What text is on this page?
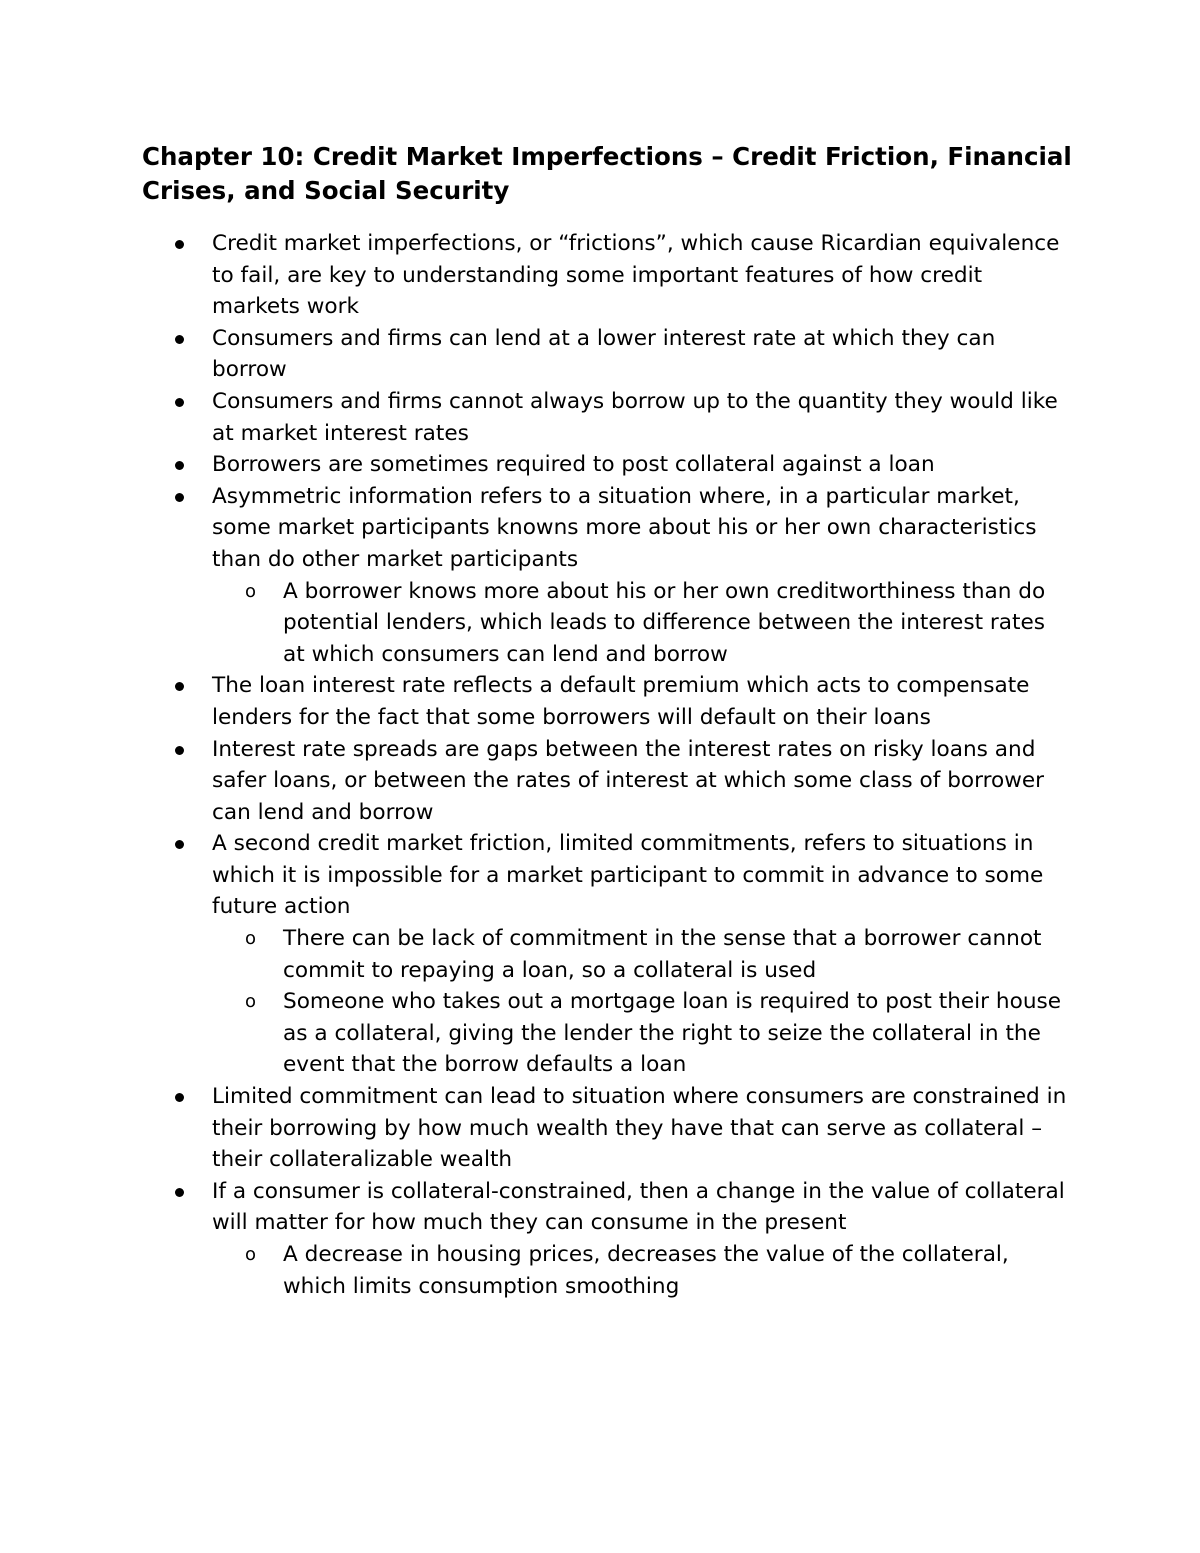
Chapter 10: Credit Market Imperfections – Credit Friction, Financial Crises, and Social Security
Credit market imperfections, or “frictions”, which cause Ricardian equivalence to fail, are key to understanding some important features of how credit markets work
Consumers and firms can lend at a lower interest rate at which they can borrow
Consumers and firms cannot always borrow up to the quantity they would like at market interest rates
Borrowers are sometimes required to post collateral against a loan
Asymmetric information refers to a situation where, in a particular market, some market participants knowns more about his or her own characteristics than do other market participants
o A borrower knows more about his or her own creditworthiness than do potential lenders, which leads to difference between the interest rates at which consumers can lend and borrow
The loan interest rate reflects a default premium which acts to compensate lenders for the fact that some borrowers will default on their loans
Interest rate spreads are gaps between the interest rates on risky loans and safer loans, or between the rates of interest at which some class of borrower can lend and borrow
A second credit market friction, limited commitments, refers to situations in which it is impossible for a market participant to commit in advance to some future action
o There can be lack of commitment in the sense that a borrower cannot commit to repaying a loan, so a collateral is used
o Someone who takes out a mortgage loan is required to post their house as a collateral, giving the lender the right to seize the collateral in the event that the borrow defaults a loan
Limited commitment can lead to situation where consumers are constrained in their borrowing by how much wealth they have that can serve as collateral – their collateralizable wealth
If a consumer is collateral-constrained, then a change in the value of collateral will matter for how much they can consume in the present
o A decrease in housing prices, decreases the value of the collateral, which limits consumption smoothing
